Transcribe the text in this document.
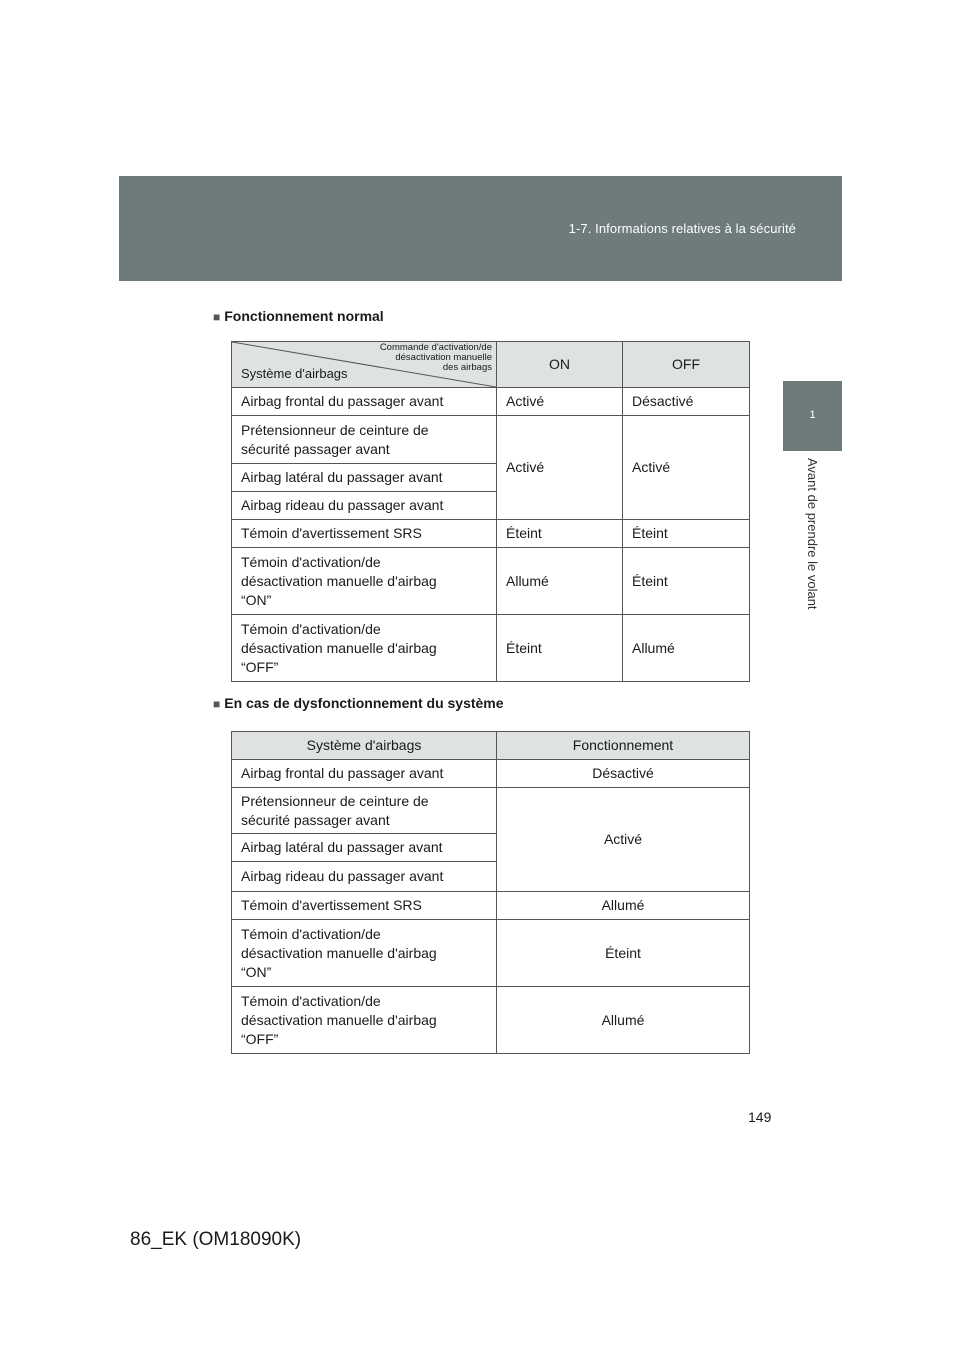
1-7. Informations relatives à la sécurité
1
Avant de prendre le volant
■ Fonctionnement normal
Commande d'activation/de
désactivation manuelle
des airbags
Système d'airbags	ON	OFF
Airbag frontal du passager avant	Activé	Désactivé

Prétensionneur de ceinture de
sécurité passager avant	Activé	Activé
Airbag latéral du passager avant		
Airbag rideau du passager avant		
Témoin d'avertissement SRS	Éteint	Éteint

Témoin d'activation/de
désactivation manuelle d'airbag
“ON”	Allumé	Éteint

Témoin d'activation/de
désactivation manuelle d'airbag
“OFF”	Éteint	Allumé
■ En cas de dysfonctionnement du système
Système d'airbags	Fonctionnement
Airbag frontal du passager avant	Désactivé

Prétensionneur de ceinture de
sécurité passager avant	Activé
Airbag latéral du passager avant	
Airbag rideau du passager avant	
Témoin d'avertissement SRS	Allumé

Témoin d'activation/de
désactivation manuelle d'airbag
“ON”	Éteint

Témoin d'activation/de
désactivation manuelle d'airbag
“OFF”	Allumé
149
86_EK (OM18090K)
